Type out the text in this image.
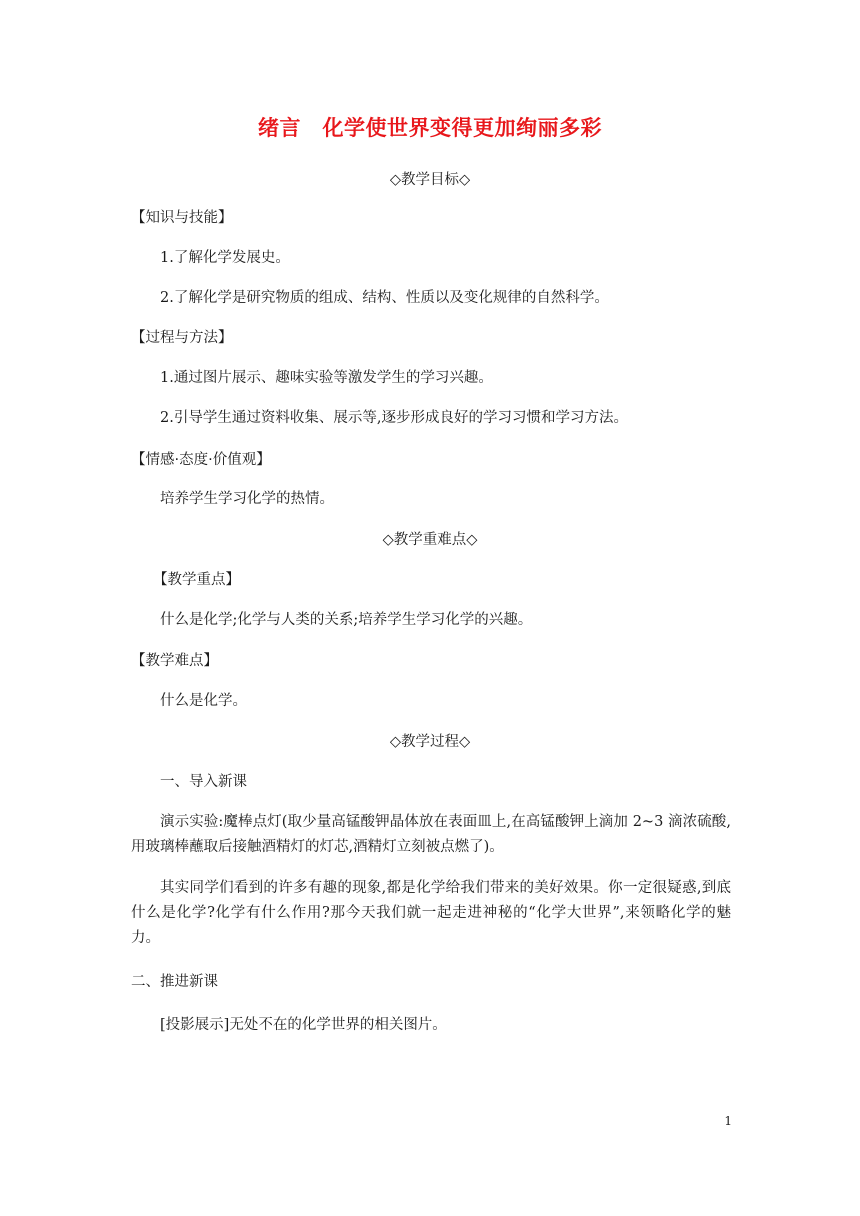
绪言　化学使世界变得更加绚丽多彩
◇教学目标◇
【知识与技能】
1.了解化学发展史。
2.了解化学是研究物质的组成、结构、性质以及变化规律的自然科学。
【过程与方法】
1.通过图片展示、趣味实验等激发学生的学习兴趣。
2.引导学生通过资料收集、展示等,逐步形成良好的学习习惯和学习方法。
【情感·态度·价值观】
培养学生学习化学的热情。
◇教学重难点◇
【教学重点】
什么是化学;化学与人类的关系;培养学生学习化学的兴趣。
【教学难点】
什么是化学。
◇教学过程◇
一、导入新课
演示实验:魔棒点灯(取少量高锰酸钾晶体放在表面皿上,在高锰酸钾上滴加 2~3 滴浓硫酸,用玻璃棒蘸取后接触酒精灯的灯芯,酒精灯立刻被点燃了)。
其实同学们看到的许多有趣的现象,都是化学给我们带来的美好效果。你一定很疑惑,到底什么是化学?化学有什么作用?那今天我们就一起走进神秘的“化学大世界”,来领略化学的魅力。
二、推进新课
[投影展示]无处不在的化学世界的相关图片。
1
